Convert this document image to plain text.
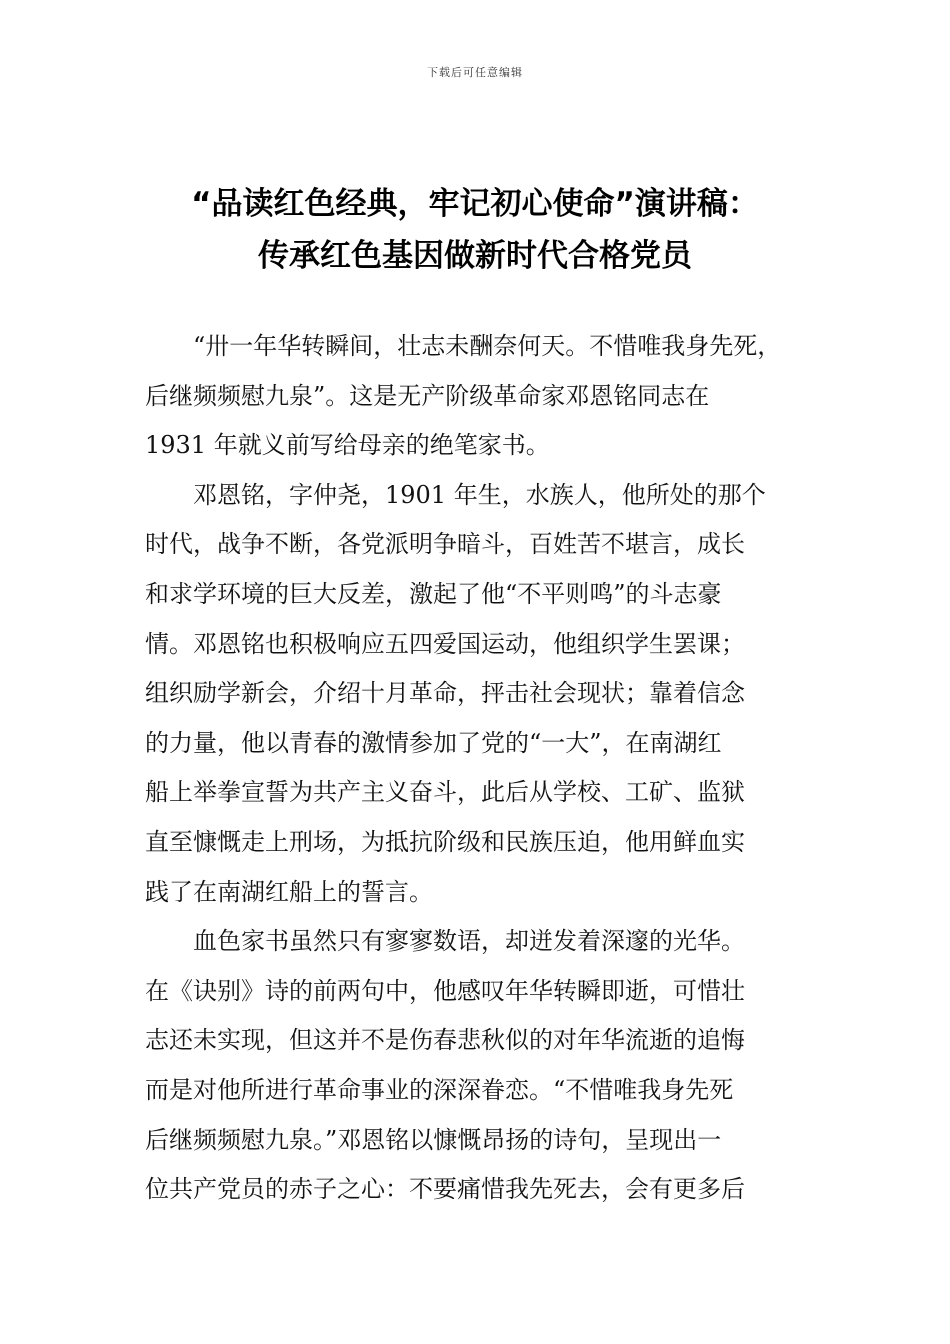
下载后可任意编辑
“品读红色经典，牢记初心使命”演讲稿：
传承红色基因做新时代合格党员

“卅一年华转瞬间，壮志未酬奈何天。不惜唯我身先死，
后继频频慰九泉”。这是无产阶级革命家邓恩铭同志在
1931 年就义前写给母亲的绝笔家书。

邓恩铭，字仲尧，1901 年生，水族人，他所处的那个
时代，战争不断，各党派明争暗斗，百姓苦不堪言，成长
和求学环境的巨大反差，激起了他“不平则鸣”的斗志豪
情。邓恩铭也积极响应五四爱国运动，他组织学生罢课；
组织励学新会，介绍十月革命，抨击社会现状；靠着信念
的力量，他以青春的激情参加了党的“一大”，在南湖红
船上举拳宣誓为共产主义奋斗，此后从学校、工矿、监狱
直至慷慨走上刑场，为抵抗阶级和民族压迫，他用鲜血实
践了在南湖红船上的誓言。

血色家书虽然只有寥寥数语，却迸发着深邃的光华。
在《诀别》诗的前两句中，他感叹年华转瞬即逝，可惜壮
志还未实现，但这并不是伤春悲秋似的对年华流逝的追悔
而是对他所进行革命事业的深深眷恋。“不惜唯我身先死
后继频频慰九泉。”邓恩铭以慷慨昂扬的诗句，呈现出一
位共产党员的赤子之心：不要痛惜我先死去，会有更多后
